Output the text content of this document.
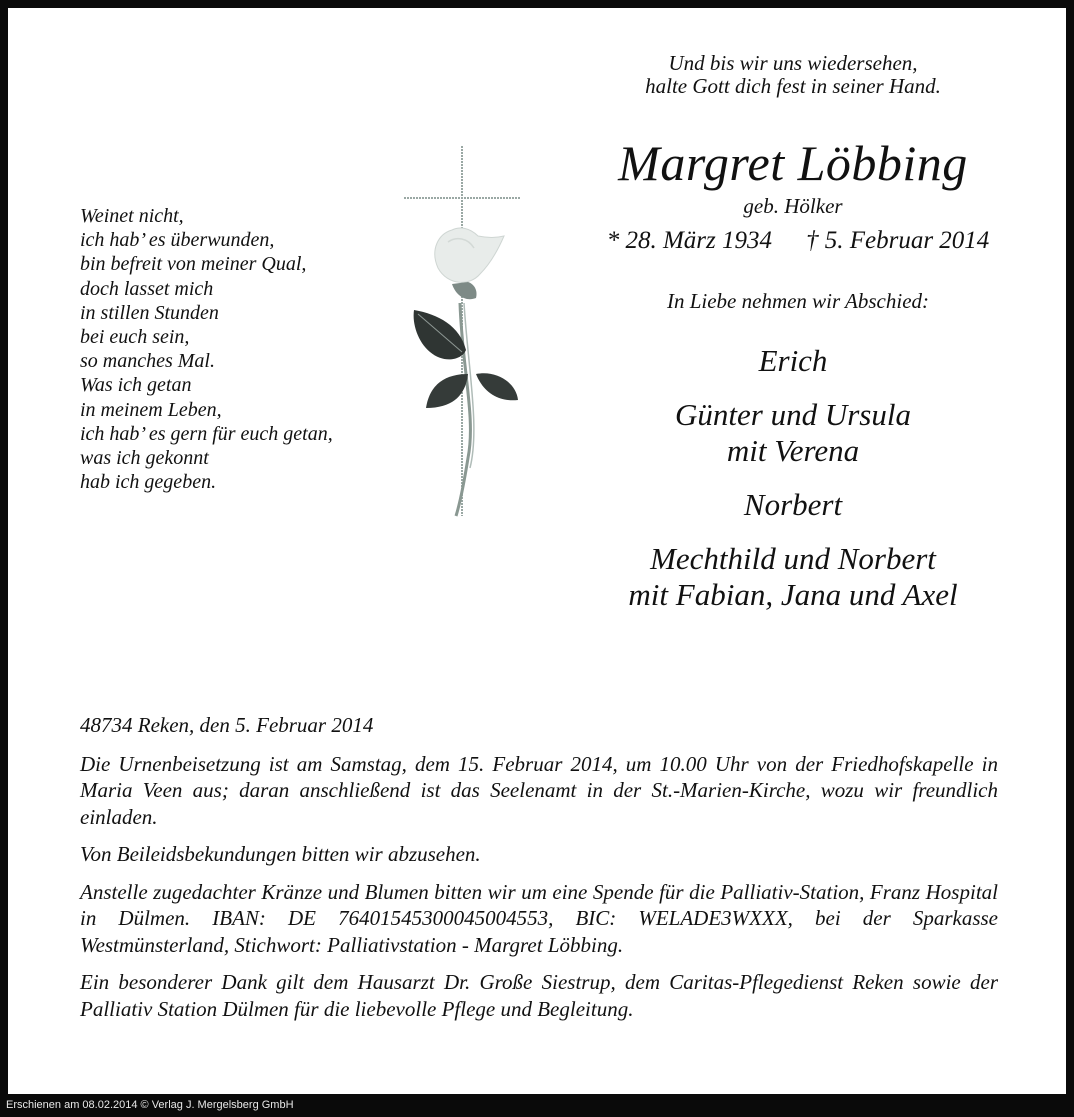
Und bis wir uns wiedersehen,
halte Gott dich fest in seiner Hand.
Margret Löbbing
geb. Hölker
* 28. März 1934 † 5. Februar 2014
Weinet nicht,
ich hab’ es überwunden,
bin befreit von meiner Qual,
doch lasset mich
in stillen Stunden
bei euch sein,
so manches Mal.
Was ich getan
in meinem Leben,
ich hab’ es gern für euch getan,
was ich gekonnt
hab ich gegeben.
In Liebe nehmen wir Abschied:
Erich
Günter und Ursula
mit Verena
Norbert
Mechthild und Norbert
mit Fabian, Jana und Axel

48734 Reken, den 5. Februar 2014

Die Urnenbeisetzung ist am Samstag, dem 15. Februar 2014, um 10.00 Uhr von der Friedhofskapelle in Maria Veen aus; daran anschließend ist das Seelenamt in der St.-Marien-Kirche, wozu wir freundlich einladen.

Von Beileidsbekundungen bitten wir abzusehen.

Anstelle zugedachter Kränze und Blumen bitten wir um eine Spende für die Palliativ-Station, Franz Hospital in Dülmen. IBAN: DE 76401545300045004553, BIC: WELADE3WXXX, bei der Sparkasse Westmünsterland, Stichwort: Palliativstation - Margret Löbbing.

Ein besonderer Dank gilt dem Hausarzt Dr. Große Siestrup, dem Caritas-Pflegedienst Reken sowie der Palliativ Station Dülmen für die liebevolle Pflege und Begleitung.

Erschienen am 08.02.2014 © Verlag J. Mergelsberg GmbH
